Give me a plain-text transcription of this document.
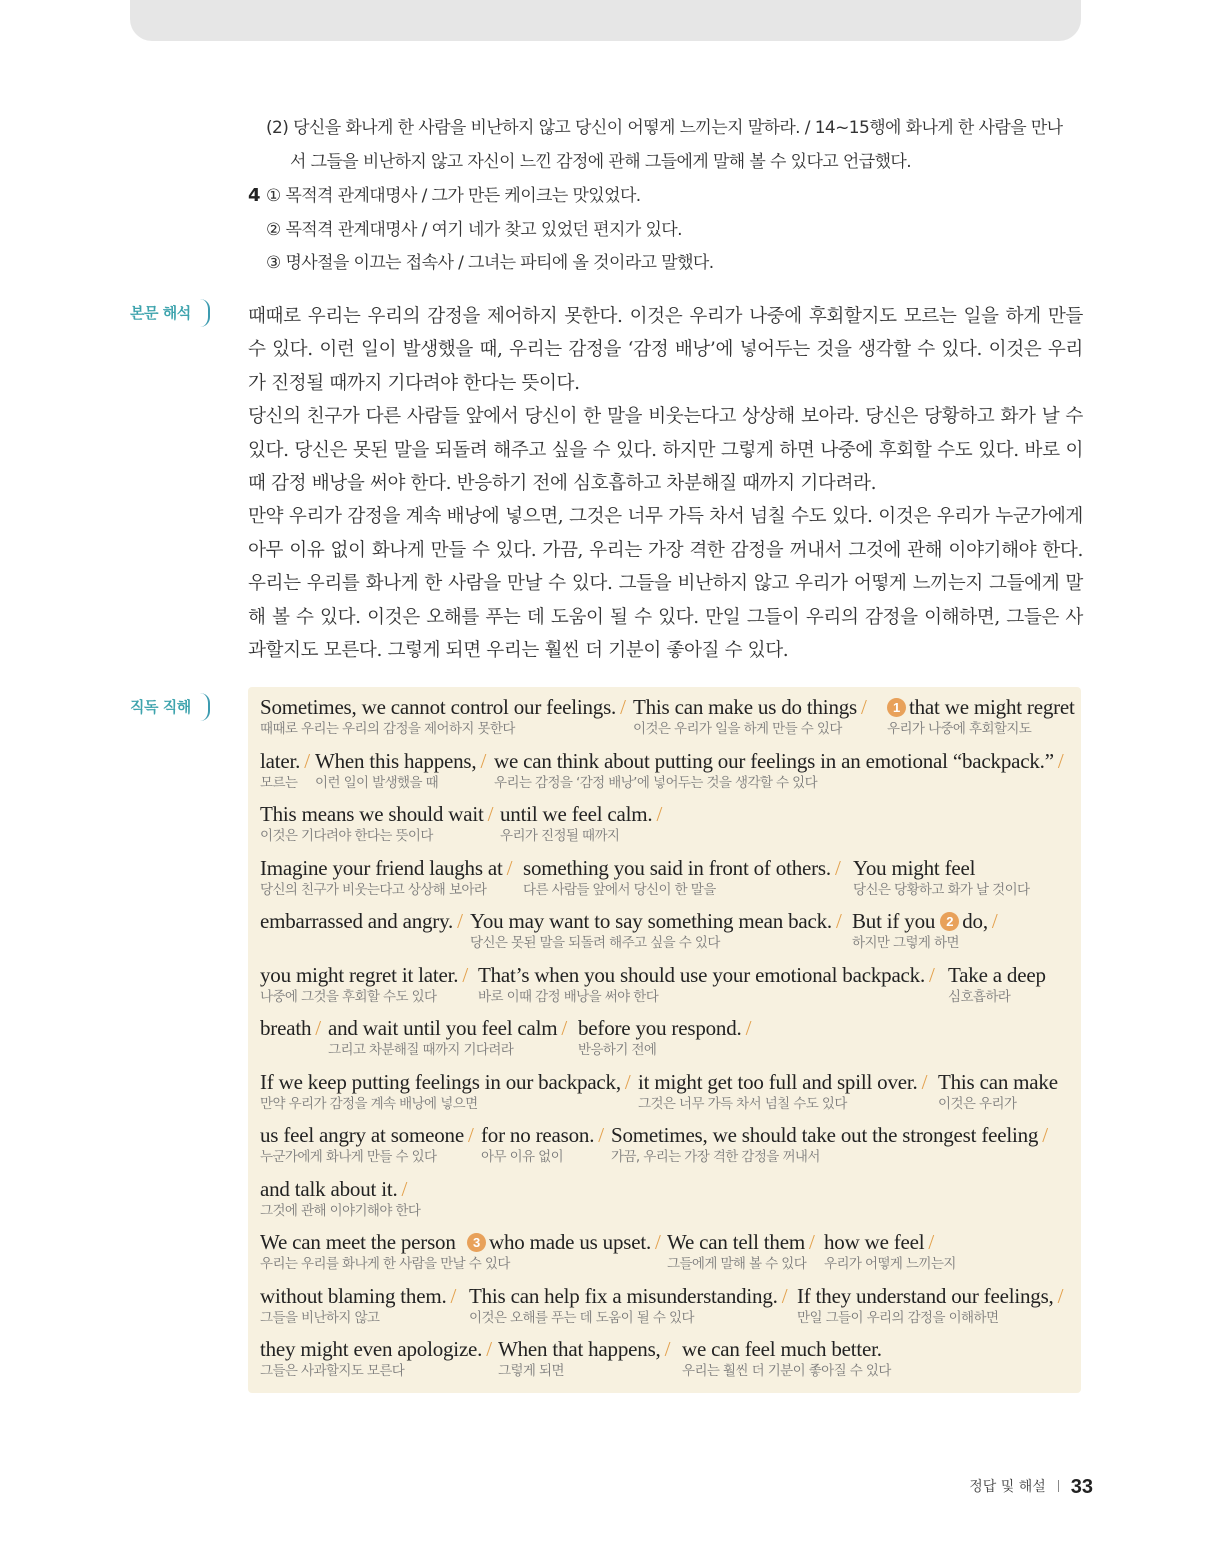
(2) 당신을 화나게 한 사람을 비난하지 않고 당신이 어떻게 느끼는지 말하라. / 14~15행에 화나게 한 사람을 만나
서 그들을 비난하지 않고 자신이 느낀 감정에 관해 그들에게 말해 볼 수 있다고 언급했다.
4 ① 목적격 관계대명사 / 그가 만든 케이크는 맛있었다.
② 목적격 관계대명사 / 여기 네가 찾고 있었던 편지가 있다.
③ 명사절을 이끄는 접속사 / 그녀는 파티에 올 것이라고 말했다.
본문 해석	때때로 우리는 우리의 감정을 제어하지 못한다. 이것은 우리가 나중에 후회할지도 모르는 일을 하게 만들 수 있다. 이런 일이 발생했을 때, 우리는 감정을 ‘감정 배낭’에 넣어두는 것을 생각할 수 있다. 이것은 우리가 진정될 때까지 기다려야 한다는 뜻이다.

당신의 친구가 다른 사람들 앞에서 당신이 한 말을 비웃는다고 상상해 보아라. 당신은 당황하고 화가 날 수 있다. 당신은 못된 말을 되돌려 해주고 싶을 수 있다. 하지만 그렇게 하면 나중에 후회할 수도 있다. 바로 이때 감정 배낭을 써야 한다. 반응하기 전에 심호흡하고 차분해질 때까지 기다려라.

만약 우리가 감정을 계속 배낭에 넣으면, 그것은 너무 가득 차서 넘칠 수도 있다. 이것은 우리가 누군가에게 아무 이유 없이 화나게 만들 수 있다. 가끔, 우리는 가장 격한 감정을 꺼내서 그것에 관해 이야기해야 한다. 우리는 우리를 화나게 한 사람을 만날 수 있다. 그들을 비난하지 않고 우리가 어떻게 느끼는지 그들에게 말해 볼 수 있다. 이것은 오해를 푸는 데 도움이 될 수 있다. 만일 그들이 우리의 감정을 이해하면, 그들은 사과할지도 모른다. 그렇게 되면 우리는 훨씬 더 기분이 좋아질 수 있다.

직독 직해	Sometimes, we cannot control our feelings. /
때때로 우리는 우리의 감정을 제어하지 못한다
This can make us do things /
이것은 우리가 일을 하게 만들 수 있다
1 that we might regret
우리가 나중에 후회할지도
later. /
모르는
When this happens, /
이런 일이 발생했을 때
we can think about putting our feelings in an emotional “backpack.” /
우리는 감정을 ‘감정 배낭’에 넣어두는 것을 생각할 수 있다
This means we should wait /
이것은 기다려야 한다는 뜻이다
until we feel calm. /
우리가 진정될 때까지
Imagine your friend laughs at /
당신의 친구가 비웃는다고 상상해 보아라
something you said in front of others. /
다른 사람들 앞에서 당신이 한 말을
You might feel
당신은 당황하고 화가 날 것이다
embarrassed and angry. /
You may want to say something mean back. /
당신은 못된 말을 되돌려 해주고 싶을 수 있다
But if you 2 do, /
하지만 그렇게 하면
you might regret it later. /
나중에 그것을 후회할 수도 있다
That’s when you should use your emotional backpack. /
바로 이때 감정 배낭을 써야 한다
Take a deep
심호흡하라
breath /
and wait until you feel calm /
그리고 차분해질 때까지 기다려라
before you respond. /
반응하기 전에
If we keep putting feelings in our backpack, /
만약 우리가 감정을 계속 배낭에 넣으면
it might get too full and spill over. /
그것은 너무 가득 차서 넘칠 수도 있다
This can make
이것은 우리가
us feel angry at someone /
누군가에게 화나게 만들 수 있다
for no reason. /
아무 이유 없이
Sometimes, we should take out the strongest feeling /
가끔, 우리는 가장 격한 감정을 꺼내서
and talk about it. /
그것에 관해 이야기해야 한다
We can meet the person
우리는 우리를 화나게 한 사람을 만날 수 있다
3 who made us upset. /
We can tell them /
그들에게 말해 볼 수 있다
how we feel /
우리가 어떻게 느끼는지
without blaming them. /
그들을 비난하지 않고
This can help fix a misunderstanding. /
이것은 오해를 푸는 데 도움이 될 수 있다
If they understand our feelings, /
만일 그들이 우리의 감정을 이해하면
they might even apologize. /
그들은 사과할지도 모른다
When that happens, /
그렇게 되면
we can feel much better.
우리는 훨씬 더 기분이 좋아질 수 있다
정답 및 해설 33
